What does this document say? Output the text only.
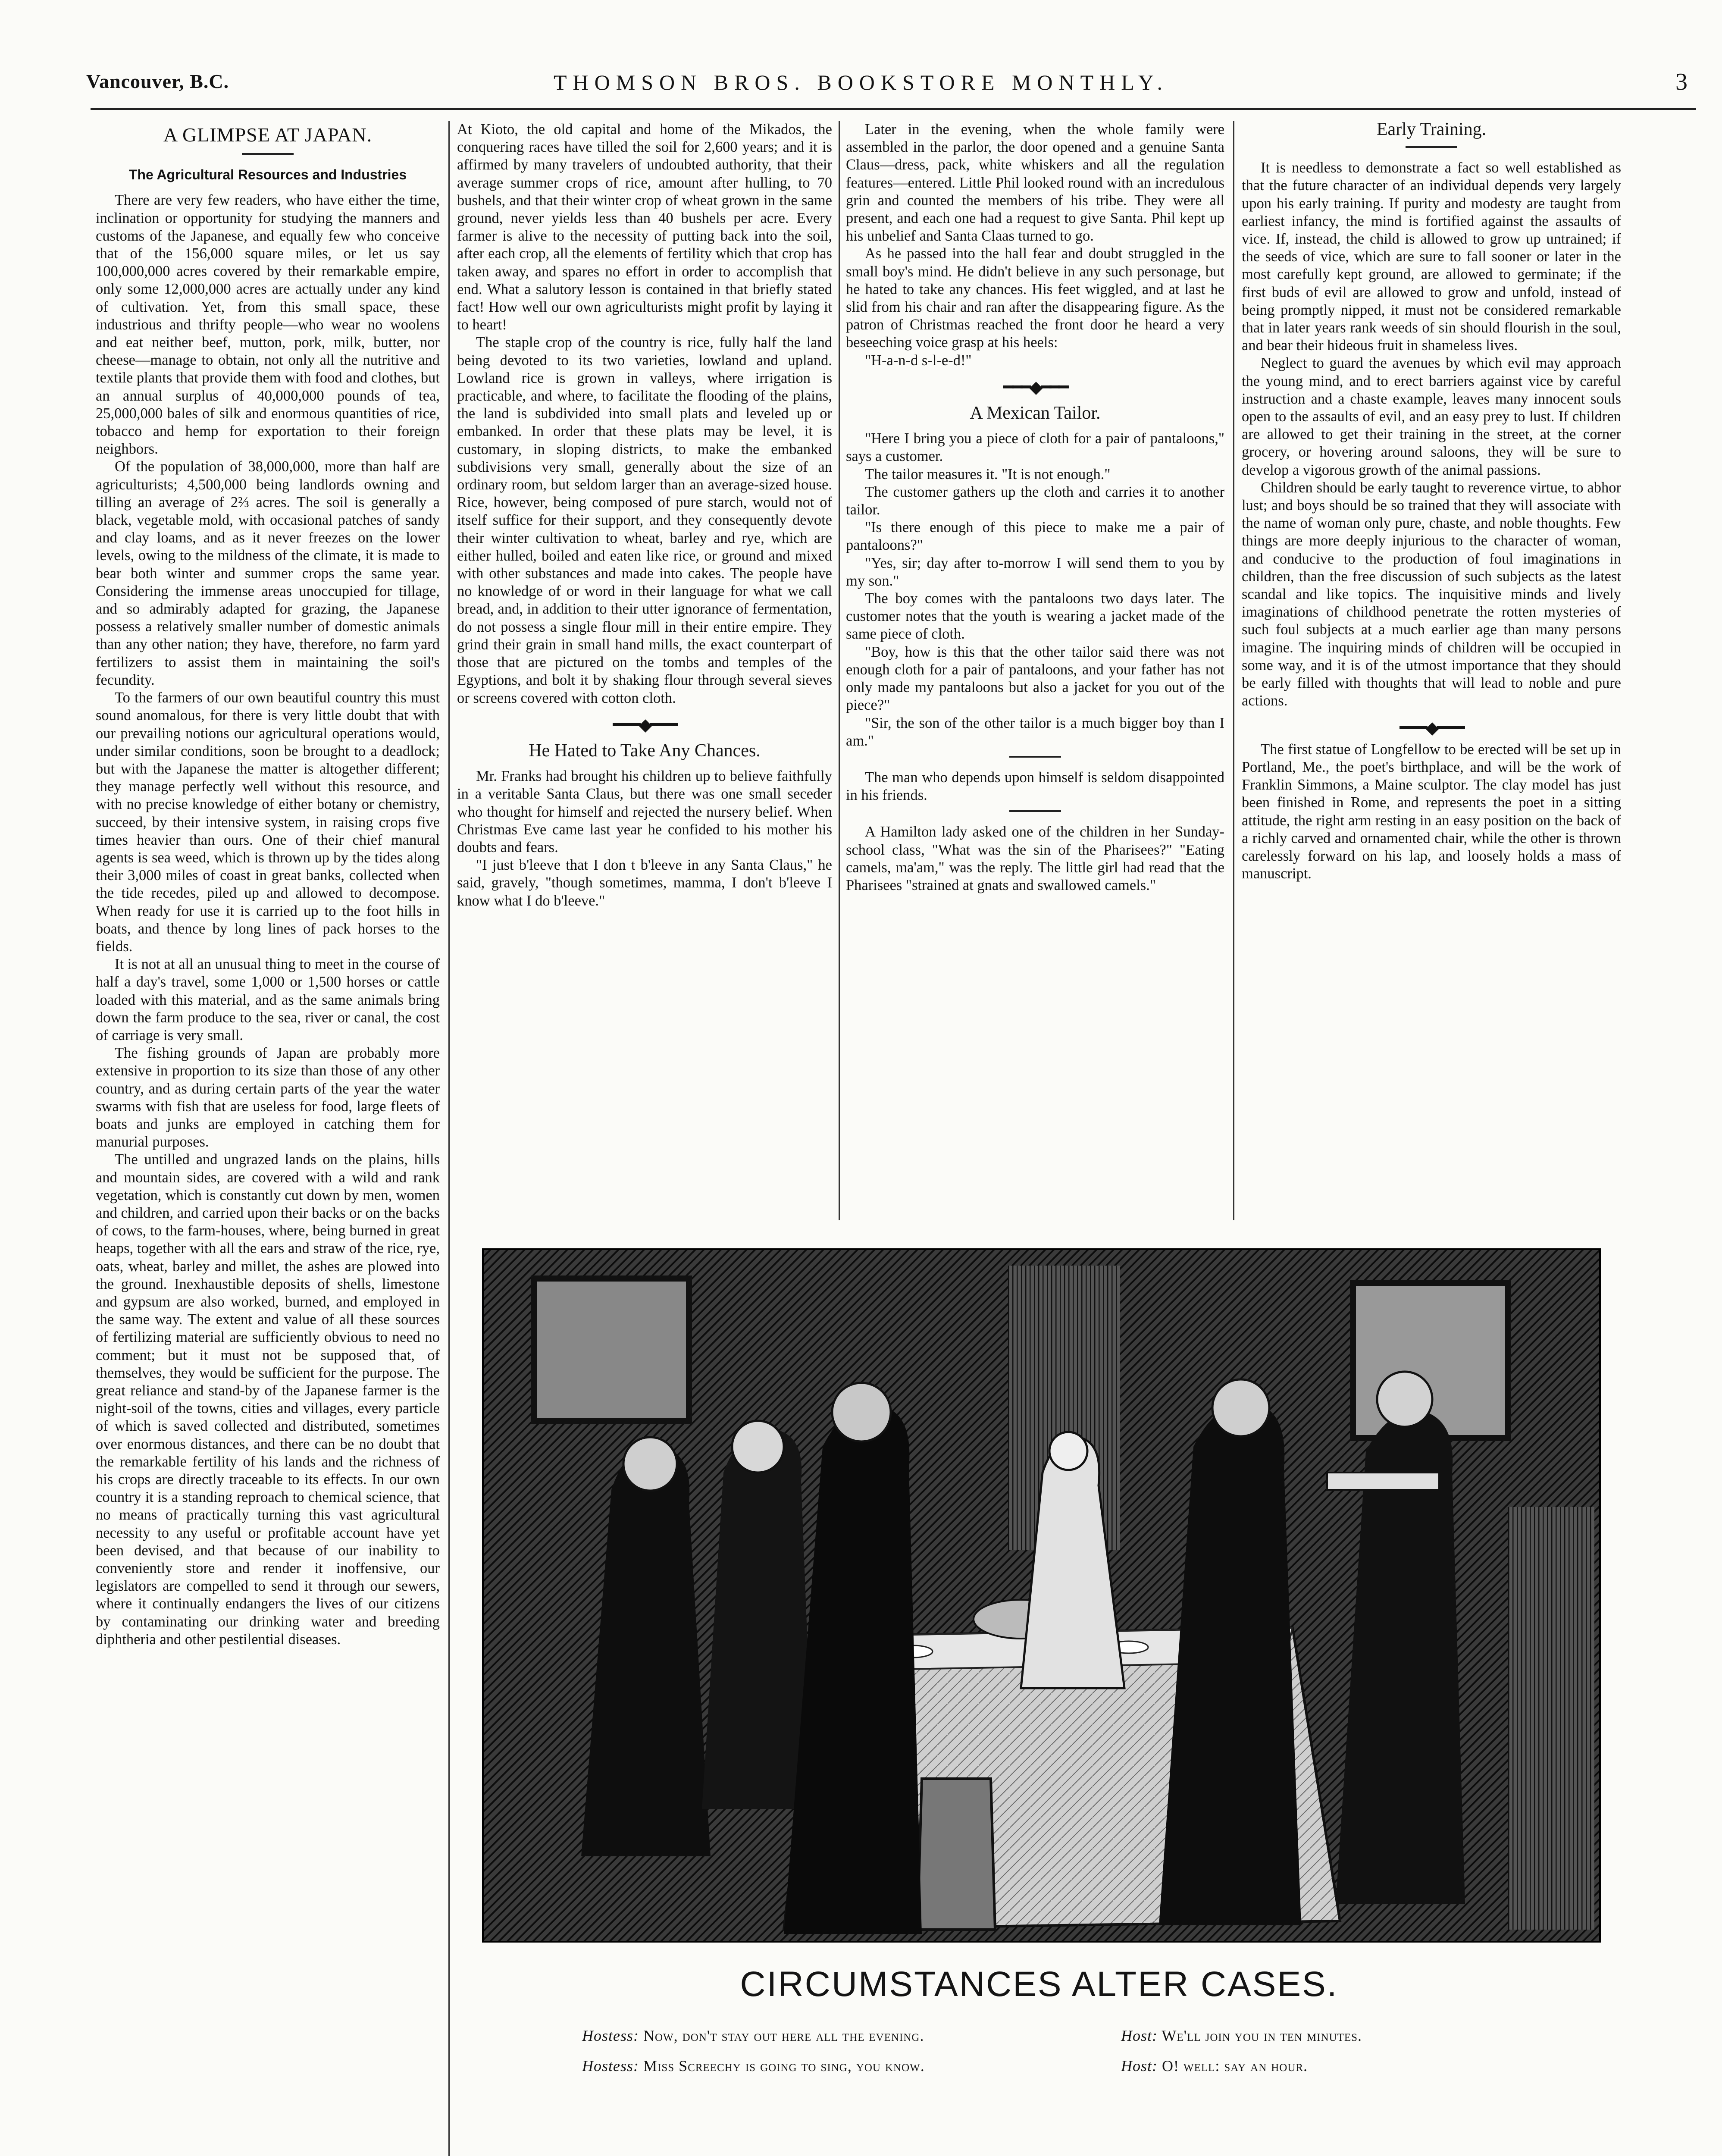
Vancouver, B.C.	THOMSON BROS. BOOKSTORE MONTHLY.	3
A GLIMPSE AT JAPAN.
The Agricultural Resources and Industries

There are very few readers, who have either the time, inclination or opportunity for studying the manners and customs of the Japanese, and equally few who conceive that of the 156,000 square miles, or let us say 100,000,000 acres covered by their remarkable empire, only some 12,000,000 acres are actually under any kind of cultivation. Yet, from this small space, these industrious and thrifty people—who wear no woolens and eat neither beef, mutton, pork, milk, butter, nor cheese—manage to obtain, not only all the nutritive and textile plants that provide them with food and clothes, but an annual surplus of 40,000,000 pounds of tea, 25,000,000 bales of silk and enormous quantities of rice, tobacco and hemp for exportation to their foreign neighbors.

Of the population of 38,000,000, more than half are agriculturists; 4,500,000 being landlords owning and tilling an average of 2⅔ acres. The soil is generally a black, vegetable mold, with occasional patches of sandy and clay loams, and as it never freezes on the lower levels, owing to the mildness of the climate, it is made to bear both winter and summer crops the same year. Considering the immense areas unoccupied for tillage, and so admirably adapted for grazing, the Japanese possess a relatively smaller number of domestic animals than any other nation; they have, therefore, no farm yard fertilizers to assist them in maintaining the soil's fecundity.

To the farmers of our own beautiful country this must sound anomalous, for there is very little doubt that with our prevailing notions our agricultural operations would, under similar conditions, soon be brought to a deadlock; but with the Japanese the matter is altogether different; they manage perfectly well without this resource, and with no precise knowledge of either botany or chemistry, succeed, by their intensive system, in raising crops five times heavier than ours. One of their chief manural agents is sea weed, which is thrown up by the tides along their 3,000 miles of coast in great banks, collected when the tide recedes, piled up and allowed to decompose. When ready for use it is carried up to the foot hills in boats, and thence by long lines of pack horses to the fields.

It is not at all an unusual thing to meet in the course of half a day's travel, some 1,000 or 1,500 horses or cattle loaded with this material, and as the same animals bring down the farm produce to the sea, river or canal, the cost of carriage is very small.

The fishing grounds of Japan are probably more extensive in proportion to its size than those of any other country, and as during certain parts of the year the water swarms with fish that are useless for food, large fleets of boats and junks are employed in catching them for manurial purposes.

The untilled and ungrazed lands on the plains, hills and mountain sides, are covered with a wild and rank vegetation, which is constantly cut down by men, women and children, and carried upon their backs or on the backs of cows, to the farm-houses, where, being burned in great heaps, together with all the ears and straw of the rice, rye, oats, wheat, barley and millet, the ashes are plowed into the ground. Inexhaustible deposits of shells, limestone and gypsum are also worked, burned, and employed in the same way. The extent and value of all these sources of fertilizing material are sufficiently obvious to need no comment; but it must not be supposed that, of themselves, they would be sufficient for the purpose. The great reliance and stand-by of the Japanese farmer is the night-soil of the towns, cities and villages, every particle of which is saved collected and distributed, sometimes over enormous distances, and there can be no doubt that the remarkable fertility of his lands and the richness of his crops are directly traceable to its effects. In our own country it is a standing reproach to chemical science, that no means of practically turning this vast agricultural necessity to any useful or profitable account have yet been devised, and that because of our inability to conveniently store and render it inoffensive, our legislators are compelled to send it through our sewers, where it continually endangers the lives of our citizens by contaminating our drinking water and breeding diphtheria and other pestilential diseases.

At Kioto, the old capital and home of the Mikados, the conquering races have tilled the soil for 2,600 years; and it is affirmed by many travelers of undoubted authority, that their average summer crops of rice, amount after hulling, to 70 bushels, and that their winter crop of wheat grown in the same ground, never yields less than 40 bushels per acre. Every farmer is alive to the necessity of putting back into the soil, after each crop, all the elements of fertility which that crop has taken away, and spares no effort in order to accomplish that end. What a salutory lesson is contained in that briefly stated fact! How well our own agriculturists might profit by laying it to heart!

The staple crop of the country is rice, fully half the land being devoted to its two varieties, lowland and upland. Lowland rice is grown in valleys, where irrigation is practicable, and where, to facilitate the flooding of the plains, the land is subdivided into small plats and leveled up or embanked. In order that these plats may be level, it is customary, in sloping districts, to make the embanked subdivisions very small, generally about the size of an ordinary room, but seldom larger than an average-sized house. Rice, however, being composed of pure starch, would not of itself suffice for their support, and they consequently devote their winter cultivation to wheat, barley and rye, which are either hulled, boiled and eaten like rice, or ground and mixed with other substances and made into cakes. The people have no knowledge of or word in their language for what we call bread, and, in addition to their utter ignorance of fermentation, do not possess a single flour mill in their entire empire. They grind their grain in small hand mills, the exact counterpart of those that are pictured on the tombs and temples of the Egyptions, and bolt it by shaking flour through several sieves or screens covered with cotton cloth.

━━━◆━━━
He Hated to Take Any Chances.

Mr. Franks had brought his children up to believe faithfully in a veritable Santa Claus, but there was one small seceder who thought for himself and rejected the nursery belief. When Christmas Eve came last year he confided to his mother his doubts and fears.

"I just b'leeve that I don t b'leeve in any Santa Claus," he said, gravely, "though sometimes, mamma, I don't b'leeve I know what I do b'leeve."

Later in the evening, when the whole family were assembled in the parlor, the door opened and a genuine Santa Claus—dress, pack, white whiskers and all the regulation features—entered. Little Phil looked round with an incredulous grin and counted the members of his tribe. They were all present, and each one had a request to give Santa. Phil kept up his unbelief and Santa Claas turned to go.

As he passed into the hall fear and doubt struggled in the small boy's mind. He didn't believe in any such personage, but he hated to take any chances. His feet wiggled, and at last he slid from his chair and ran after the disappearing figure. As the patron of Christmas reached the front door he heard a very beseeching voice grasp at his heels:

"H-a-n-d s-l-e-d!"

━━━◆━━━
A Mexican Tailor.

"Here I bring you a piece of cloth for a pair of pantaloons," says a customer.

The tailor measures it. "It is not enough."

The customer gathers up the cloth and carries it to another tailor.

"Is there enough of this piece to make me a pair of pantaloons?"

"Yes, sir; day after to-morrow I will send them to you by my son."

The boy comes with the pantaloons two days later. The customer notes that the youth is wearing a jacket made of the same piece of cloth.

"Boy, how is this that the other tailor said there was not enough cloth for a pair of pantaloons, and your father has not only made my pantaloons but also a jacket for you out of the piece?"

"Sir, the son of the other tailor is a much bigger boy than I am."

The man who depends upon himself is seldom disappointed in his friends.

A Hamilton lady asked one of the children in her Sunday-school class, "What was the sin of the Pharisees?" "Eating camels, ma'am," was the reply. The little girl had read that the Pharisees "strained at gnats and swallowed camels."

Early Training.

It is needless to demonstrate a fact so well established as that the future character of an individual depends very largely upon his early training. If purity and modesty are taught from earliest infancy, the mind is fortified against the assaults of vice. If, instead, the child is allowed to grow up untrained; if the seeds of vice, which are sure to fall sooner or later in the most carefully kept ground, are allowed to germinate; if the first buds of evil are allowed to grow and unfold, instead of being promptly nipped, it must not be considered remarkable that in later years rank weeds of sin should flourish in the soul, and bear their hideous fruit in shameless lives.

Neglect to guard the avenues by which evil may approach the young mind, and to erect barriers against vice by careful instruction and a chaste example, leaves many innocent souls open to the assaults of evil, and an easy prey to lust. If children are allowed to get their training in the street, at the corner grocery, or hovering around saloons, they will be sure to develop a vigorous growth of the animal passions.

Children should be early taught to reverence virtue, to abhor lust; and boys should be so trained that they will associate with the name of woman only pure, chaste, and noble thoughts. Few things are more deeply injurious to the character of woman, and conducive to the production of foul imaginations in children, than the free discussion of such subjects as the latest scandal and like topics. The inquisitive minds and lively imaginations of childhood penetrate the rotten mysteries of such foul subjects at a much earlier age than many persons imagine. The inquiring minds of children will be occupied in some way, and it is of the utmost importance that they should be early filled with thoughts that will lead to noble and pure actions.

━━━◆━━━

The first statue of Longfellow to be erected will be set up in Portland, Me., the poet's birthplace, and will be the work of Franklin Simmons, a Maine sculptor. The clay model has just been finished in Rome, and represents the poet in a sitting attitude, the right arm resting in an easy position on the back of a richly carved and ornamented chair, while the other is thrown carelessly forward on his lap, and loosely holds a mass of manuscript.

CIRCUMSTANCES ALTER CASES.
Hostess: Now, don't stay out here all the evening.	Host: We'll join you in ten minutes.
Hostess: Miss Screechy is going to sing, you know.	Host: O! well: say an hour.
